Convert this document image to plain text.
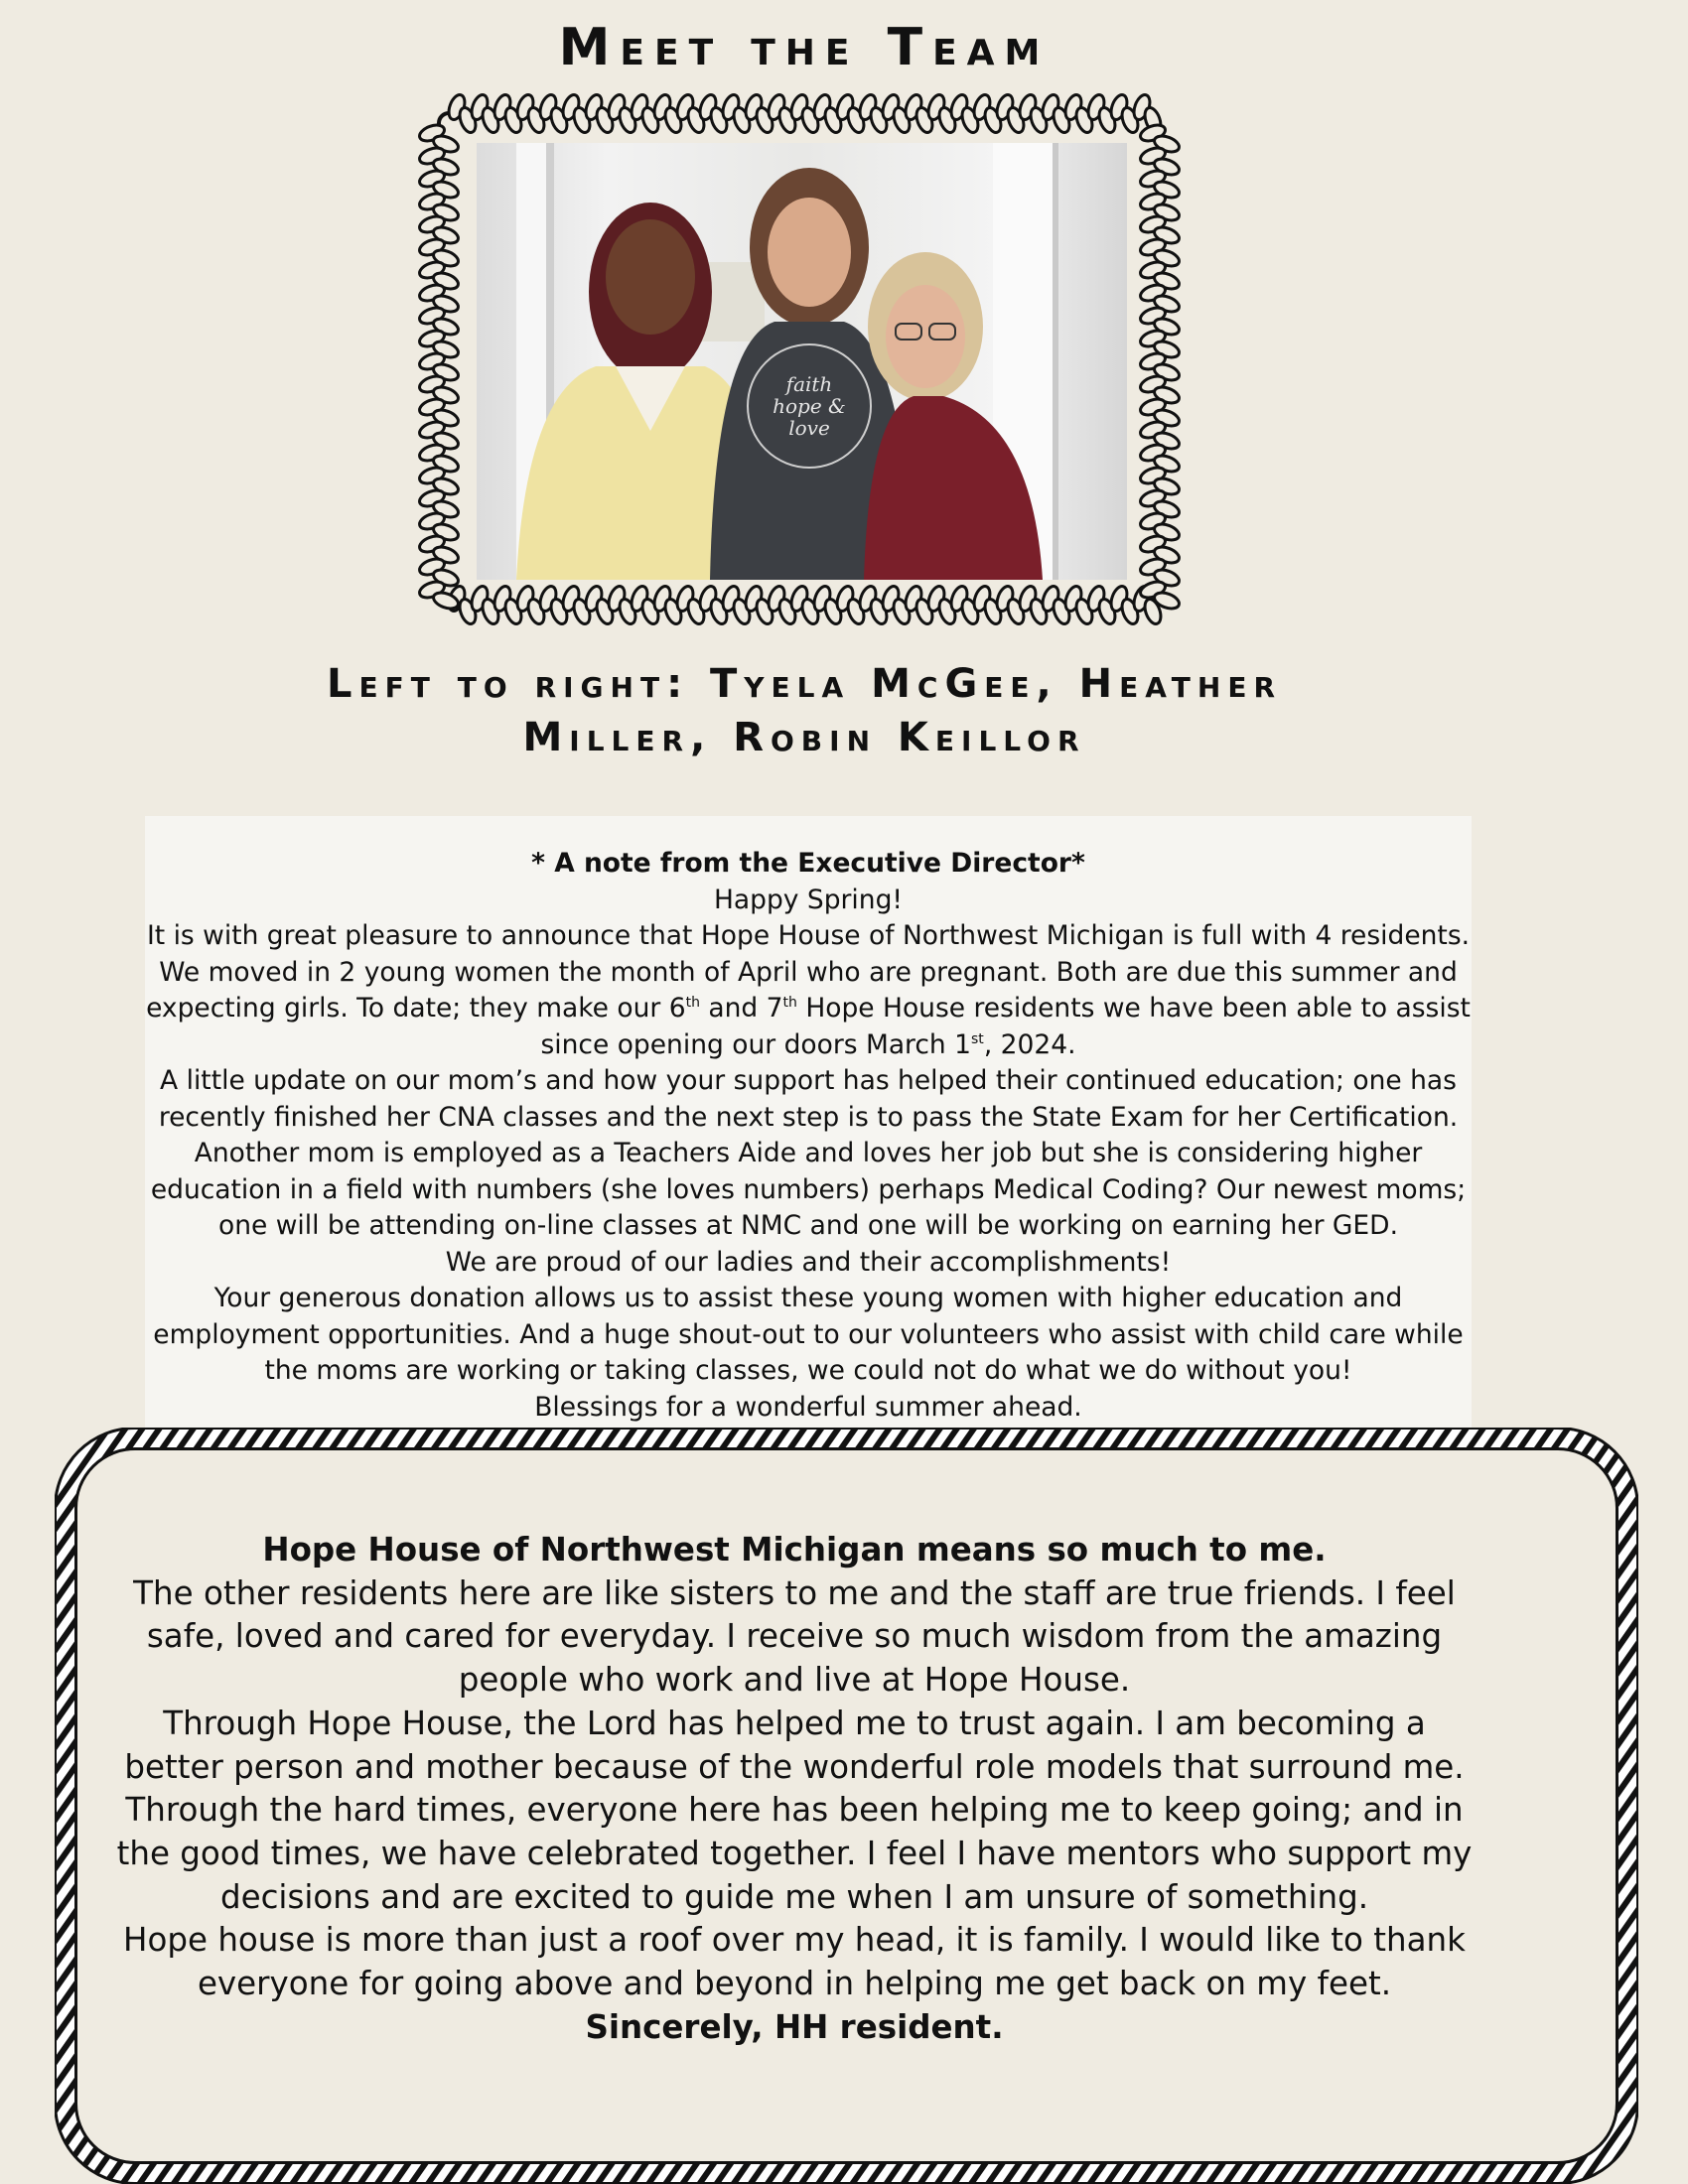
Meet the Team
faith
hope &
love
Left to right: Tyela McGee, Heather
Miller, Robin Keillor

* A note from the Executive Director*

Happy Spring!

It is with great pleasure to announce that Hope House of Northwest Michigan is full with 4 residents. We moved in 2 young women the month of April who are pregnant. Both are due this summer and expecting girls. To date; they make our 6th and 7th Hope House residents we have been able to assist since opening our doors March 1st, 2024.

A little update on our mom’s and how your support has helped their continued education; one has recently finished her CNA classes and the next step is to pass the State Exam for her Certification. Another mom is employed as a Teachers Aide and loves her job but she is considering higher education in a field with numbers (she loves numbers) perhaps Medical Coding? Our newest moms; one will be attending on-line classes at NMC and one will be working on earning her GED.

We are proud of our ladies and their accomplishments!

Your generous donation allows us to assist these young women with higher education and employment opportunities. And a huge shout-out to our volunteers who assist with child care while the moms are working or taking classes, we could not do what we do without you!

Blessings for a wonderful summer ahead.

Hope House of Northwest Michigan means so much to me.

The other residents here are like sisters to me and the staff are true friends. I feel safe, loved and cared for everyday. I receive so much wisdom from the amazing people who work and live at Hope House.

Through Hope House, the Lord has helped me to trust again. I am becoming a better person and mother because of the wonderful role models that surround me. Through the hard times, everyone here has been helping me to keep going; and in the good times, we have celebrated together. I feel I have mentors who support my decisions and are excited to guide me when I am unsure of something.

Hope house is more than just a roof over my head, it is family. I would like to thank everyone for going above and beyond in helping me get back on my feet.

Sincerely, HH resident.
